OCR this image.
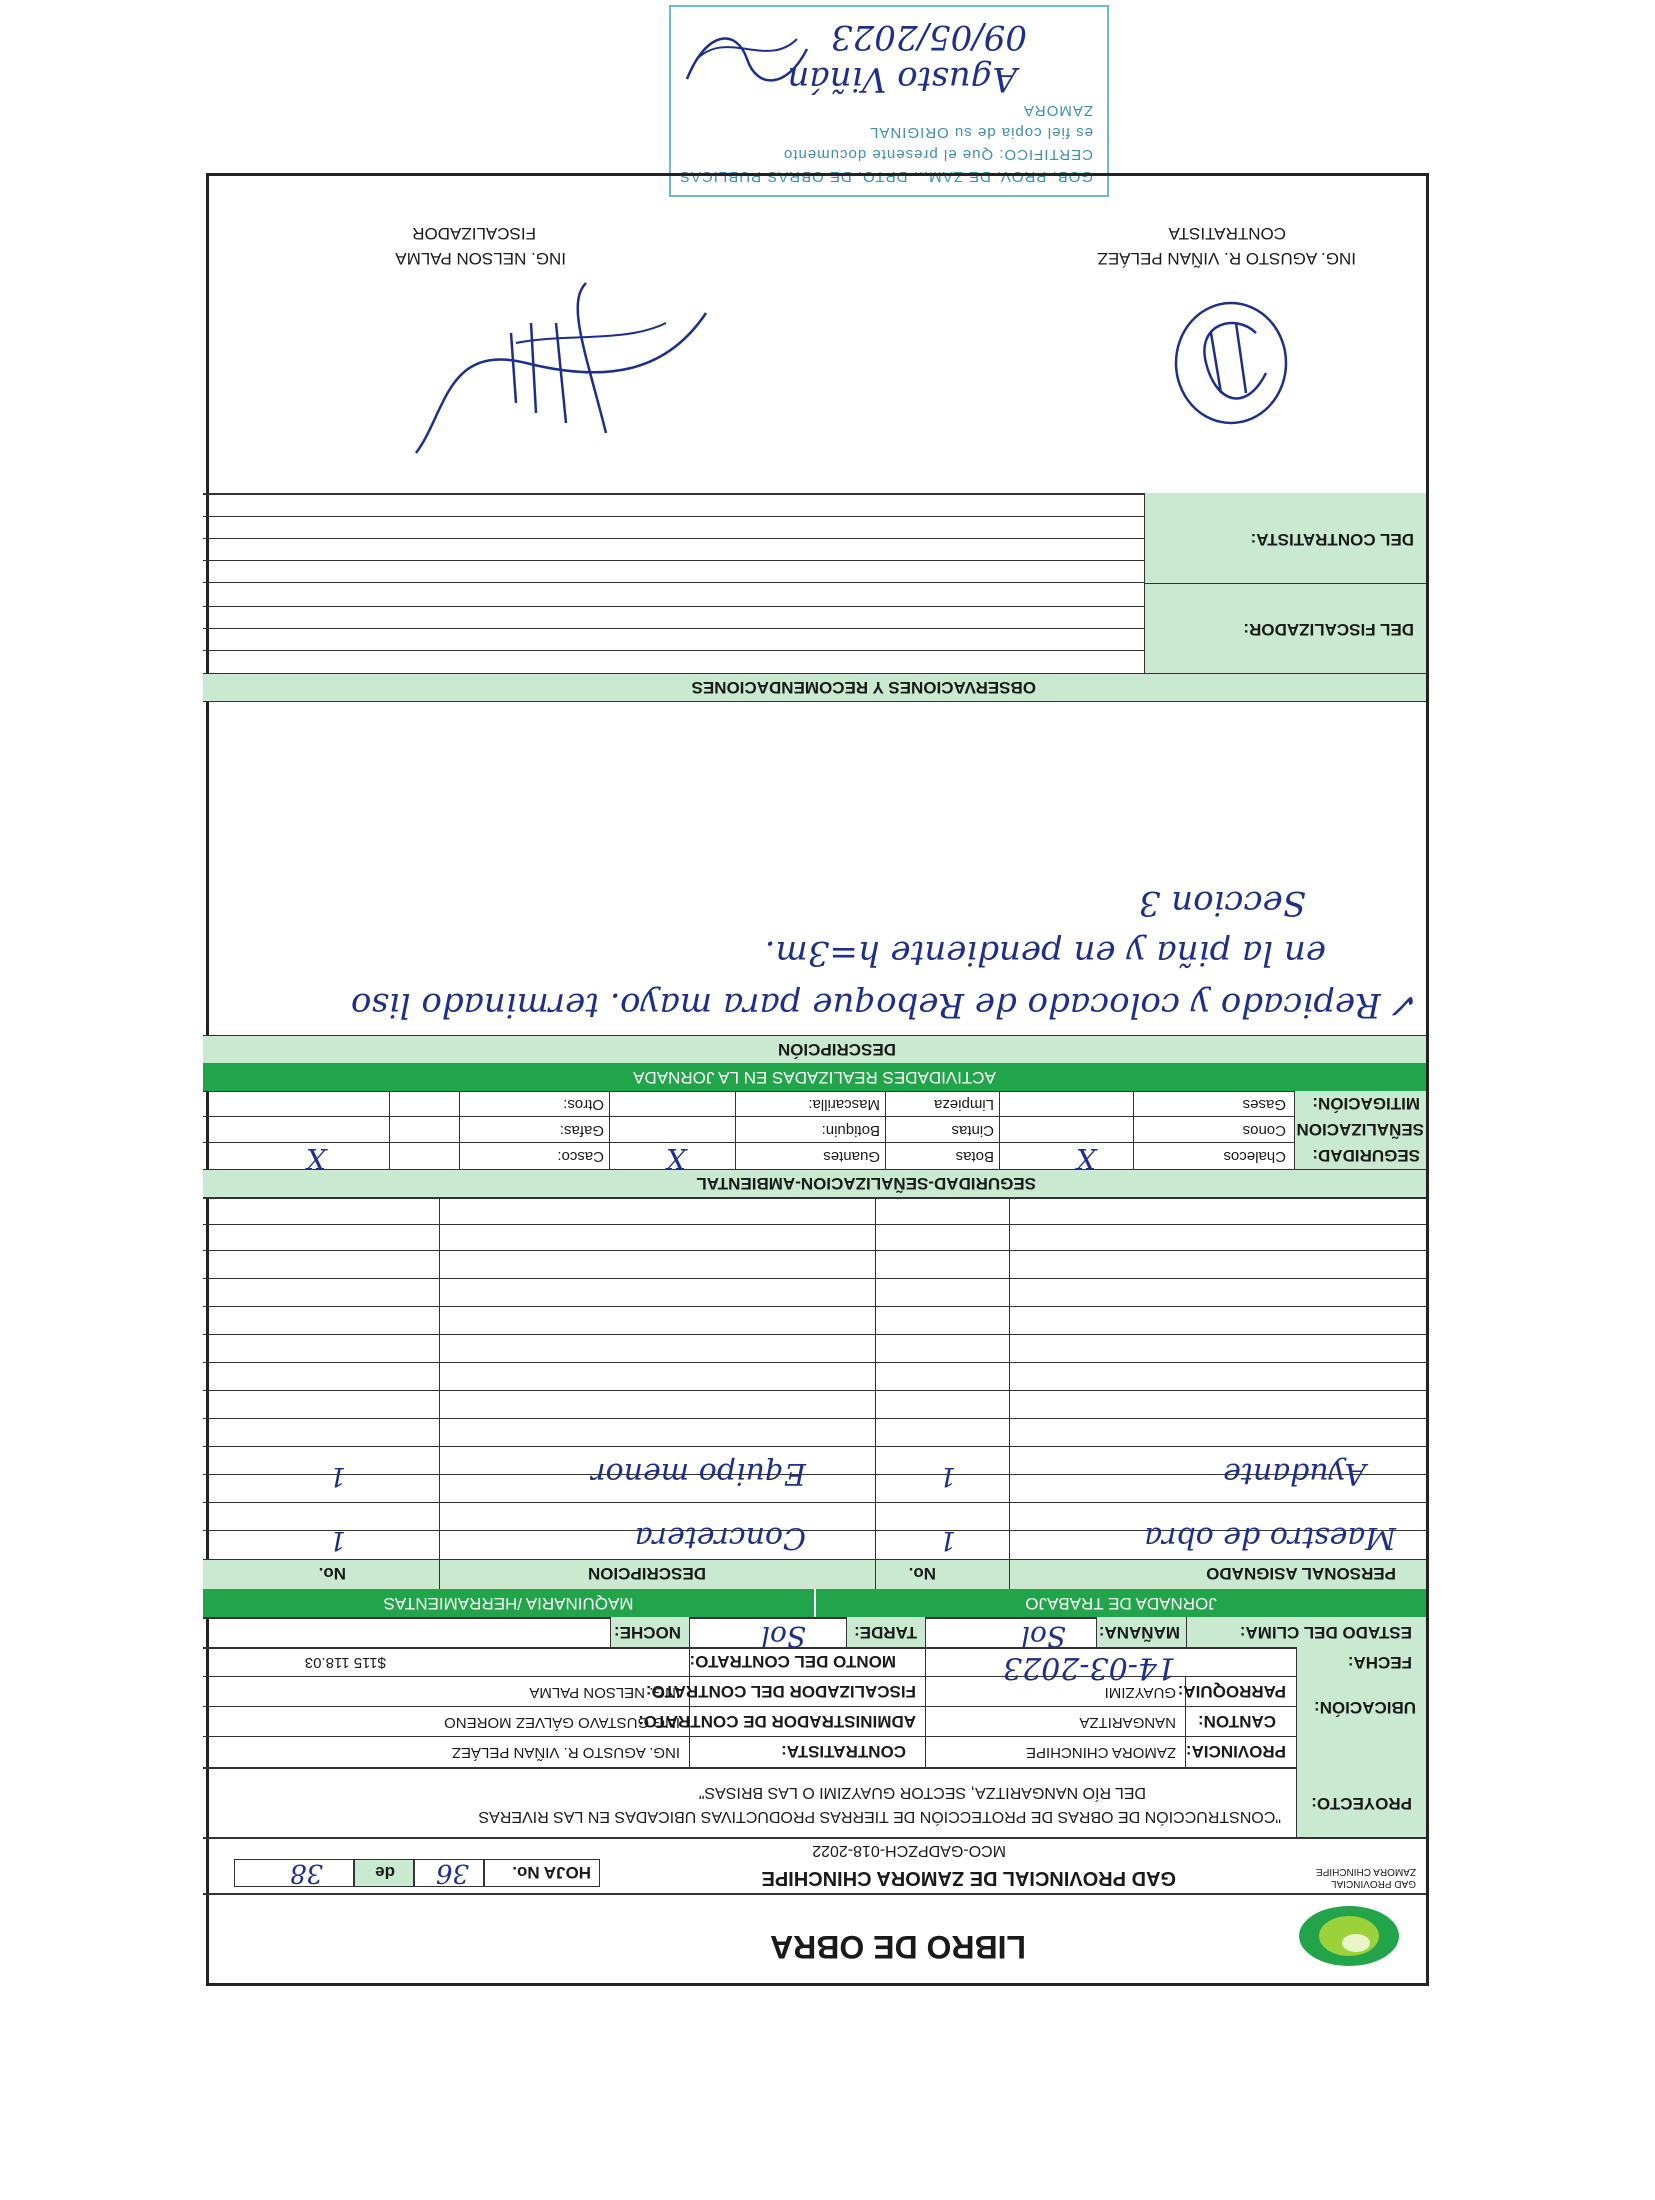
GOB. PROV. DE ZAM... DPTO. DE OBRAS PUBLICAS
CERTIFICO: Que el presente documento
es fiel copia de su ORIGINAL
ZAMORA
Agusto Viñán
09/05/2023
LIBRO DE OBRA
GAD PROVINCIAL ZAMORA CHINCHIPE
GAD PROVINCIAL DE ZAMORA CHINCHIPE
MCO-GADPZCH-018-2022
HOJA No.
36
de
38
PROYECTO:
"CONSTRUCCIÓN DE OBRAS DE PROTECCIÓN DE TIERRAS PRODUCTIVAS UBICADAS EN LAS RIVERAS
DEL RÍO NANGARITZA, SECTOR GUAYZIMI O LAS BRISAS"
UBICACIÓN:
PROVINCIA:
ZAMORA CHINCHIPE
CANTON:
NANGARITZA
PARROQUIA:
GUAYZIMI
CONTRATISTA:
ING. AGUSTO R. VIÑAN PELÁEZ
ADMINISTRADOR DE CONTRATO:
ING GUSTAVO GÁLVEZ MORENO
FISCALIZADOR DEL CONTRATO:
ING. NELSON PALMA
MONTO DEL CONTRATO:
$115 118.03	FECHA:
14-03-2023
ESTADO DEL CLIMA:
MAÑANA:
Sol
TARDE:
Sol
NOCHE:
JORNADA DE TRABAJO
MAQUINARIA /HERRAMIENTAS
PERSONAL ASIGNADO
No.
DESCRIPCION
No.
Maestro de obra
1
Concretera
1
Ayudante
1
Equipo menor
1
SEGURIDAD-SEÑALIZACION-AMBIENTAL
SEGURIDAD:
SEÑALIZACION
MITIGACIÓN:
Chalecos
X
Botas
Guantes
X
Casco:
X
Conos
Cintas
Botiquin:
Gafas:
Gases
Limpieza
Mascarilla:
Otros:
ACTIVIDADES REALIZADAS EN LA JORNADA
DESCRIPCIÓN
✓ Repicado y colocado de Reboque para mayo. terminado liso
en la piña y en pendiente h=3m.
Seccion 3
OBSERVACIONES Y RECOMENDACIONES
DEL FISCALIZADOR:
DEL CONTRATISTA:
ING. AGUSTO R. VIÑAN PELÁEZ
CONTRATISTA
ING. NELSON PALMA
FISCALIZADOR
